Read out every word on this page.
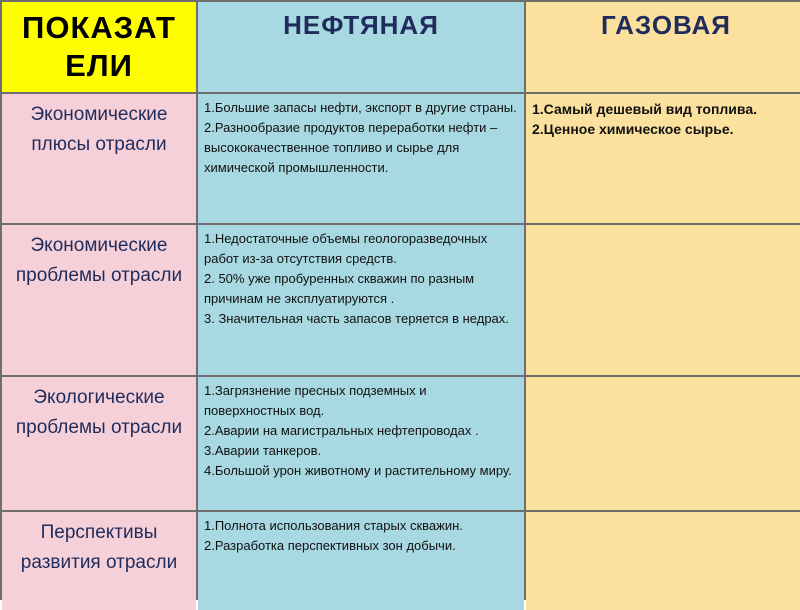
ПОКАЗАТ ЕЛИ
НЕФТЯНАЯ	ГАЗОВАЯ
Экономические плюсы отрасли
1.Большие запасы нефти, экспорт в другие страны.
2.Разнообразие продуктов переработки нефти – высококачественное топливо и сырье для химической промышленности.
1.Самый дешевый вид топлива.
2.Ценное химическое сырье.
Экономические проблемы отрасли
1.Недостаточные объемы геологоразведочных работ из-за отсутствия средств.
2. 50% уже пробуренных скважин по разным причинам не эксплуатируются .
3. Значительная часть запасов теряется в недрах.
Экологические проблемы отрасли
1.Загрязнение пресных подземных и поверхностных вод.
2.Аварии на магистральных нефтепроводах .
3.Аварии танкеров.
4.Большой урон животному и растительному миру.
Перспективы развития отрасли
1.Полнота использования старых скважин.
2.Разработка перспективных зон добычи.
